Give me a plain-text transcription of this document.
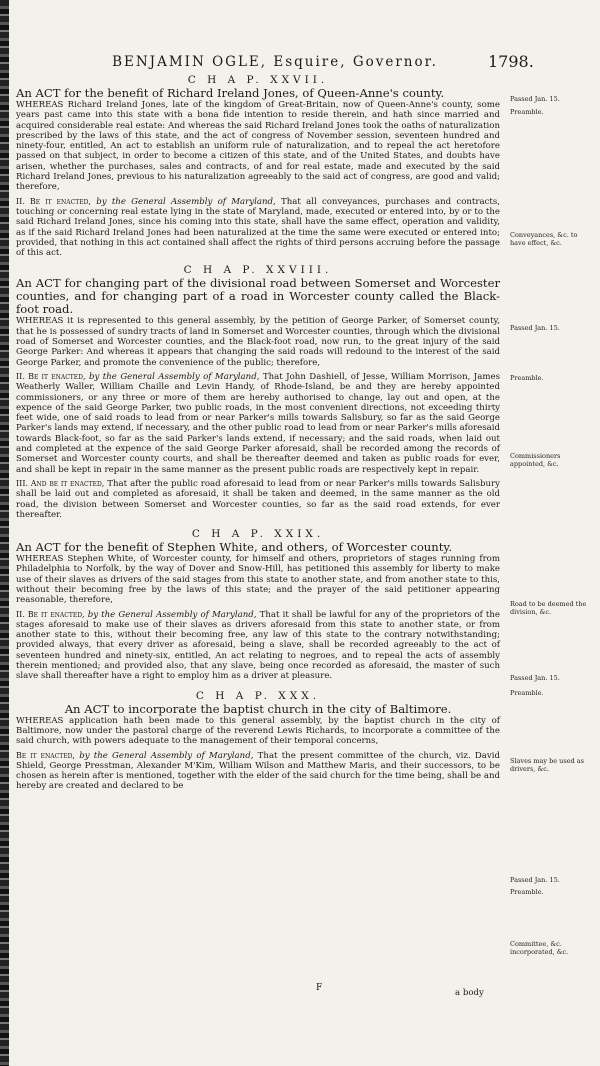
BENJAMIN OGLE, Esquire, Governor.	1798.

C H A P. XXVII.

An ACT for the benefit of Richard Ireland Jones, of Queen-Anne's county.

WHEREAS Richard Ireland Jones, late of the kingdom of Great-Britain, now of Queen-Anne's county, some years past came into this state with a bona fide intention to reside therein, and hath since married and acquired considerable real estate: And whereas the said Richard Ireland Jones took the oaths of naturalization prescribed by the laws of this state, and the act of congress of November session, seventeen hundred and ninety-four, entitled, An act to establish an uniform rule of naturalization, and to repeal the act heretofore passed on that subject, in order to become a citizen of this state, and of the United States, and doubts have arisen, whether the purchases, sales and contracts, of and for real estate, made and executed by the said Richard Ireland Jones, previous to his naturalization agreeably to the said act of congress, are good and valid; therefore,

II. Be it enacted, by the General Assembly of Maryland, That all conveyances, purchases and contracts, touching or concerning real estate lying in the state of Maryland, made, executed or entered into, by or to the said Richard Ireland Jones, since his coming into this state, shall have the same effect, operation and validity, as if the said Richard Ireland Jones had been naturalized at the time the same were executed or entered into; provided, that nothing in this act contained shall affect the rights of third persons accruing before the passage of this act.

C H A P. XXVIII.

An ACT for changing part of the divisional road between Somerset and Worcester counties, and for changing part of a road in Worcester county called the Black-foot road.

WHEREAS it is represented to this general assembly, by the petition of George Parker, of Somerset county, that he is possessed of sundry tracts of land in Somerset and Worcester counties, through which the divisional road of Somerset and Worcester counties, and the Black-foot road, now run, to the great injury of the said George Parker: And whereas it appears that changing the said roads will redound to the interest of the said George Parker, and promote the convenience of the public; therefore,

II. Be it enacted, by the General Assembly of Maryland, That John Dashiell, of Jesse, William Morrison, James Weatherly Waller, William Chaille and Levin Handy, of Rhode-Island, be and they are hereby appointed commissioners, or any three or more of them are hereby authorised to change, lay out and open, at the expence of the said George Parker, two public roads, in the most convenient directions, not exceeding thirty feet wide, one of said roads to lead from or near Parker's mills towards Salisbury, so far as the said George Parker's lands may extend, if necessary, and the other public road to lead from or near Parker's mills aforesaid towards Black-foot, so far as the said Parker's lands extend, if necessary; and the said roads, when laid out and completed at the expence of the said George Parker aforesaid, shall be recorded among the records of Somerset and Worcester county courts, and shall be thereafter deemed and taken as public roads for ever, and shall be kept in repair in the same manner as the present public roads are respectively kept in repair.

III. And be it enacted, That after the public road aforesaid to lead from or near Parker's mills towards Salisbury shall be laid out and completed as aforesaid, it shall be taken and deemed, in the same manner as the old road, the division between Somerset and Worcester counties, so far as the said road extends, for ever thereafter.

C H A P. XXIX.

An ACT for the benefit of Stephen White, and others, of Worcester county.

WHEREAS Stephen White, of Worcester county, for himself and others, proprietors of stages running from Philadelphia to Norfolk, by the way of Dover and Snow-Hill, has petitioned this assembly for liberty to make use of their slaves as drivers of the said stages from this state to another state, and from another state to this, without their becoming free by the laws of this state; and the prayer of the said petitioner appearing reasonable, therefore,

II. Be it enacted, by the General Assembly of Maryland, That it shall be lawful for any of the proprietors of the stages aforesaid to make use of their slaves as drivers aforesaid from this state to another state, or from another state to this, without their becoming free, any law of this state to the contrary notwithstanding; provided always, that every driver as aforesaid, being a slave, shall be recorded agreeably to the act of seventeen hundred and ninety-six, entitled, An act relating to negroes, and to repeal the acts of assembly therein mentioned; and provided also, that any slave, being once recorded as aforesaid, the master of such slave shall thereafter have a right to employ him as a driver at pleasure.

C H A P. XXX.

An ACT to incorporate the baptist church in the city of Baltimore.

WHEREAS application hath been made to this general assembly, by the baptist church in the city of Baltimore, now under the pastoral charge of the reverend Lewis Richards, to incorporate a committee of the said church, with powers adequate to the management of their temporal concerns,

Be it enacted, by the General Assembly of Maryland, That the present committee of the church, viz. David Shield, George Presstman, Alexander M'Kim, William Wilson and Matthew Maris, and their successors, to be chosen as herein after is mentioned, together with the elder of the said church for the time being, shall be and hereby are created and declared to be

Passed Jan. 15.
Preamble.
Conveyances, &c. to have effect, &c.
Passed Jan. 15.
Preamble.
Commissioners appointed, &c.
Road to be deemed the division, &c.
Passed Jan. 15.
Preamble.
Slaves may be used as drivers, &c.
Passed Jan. 15.
Preamble.
Committee, &c. incorporated, &c.
F	a body
